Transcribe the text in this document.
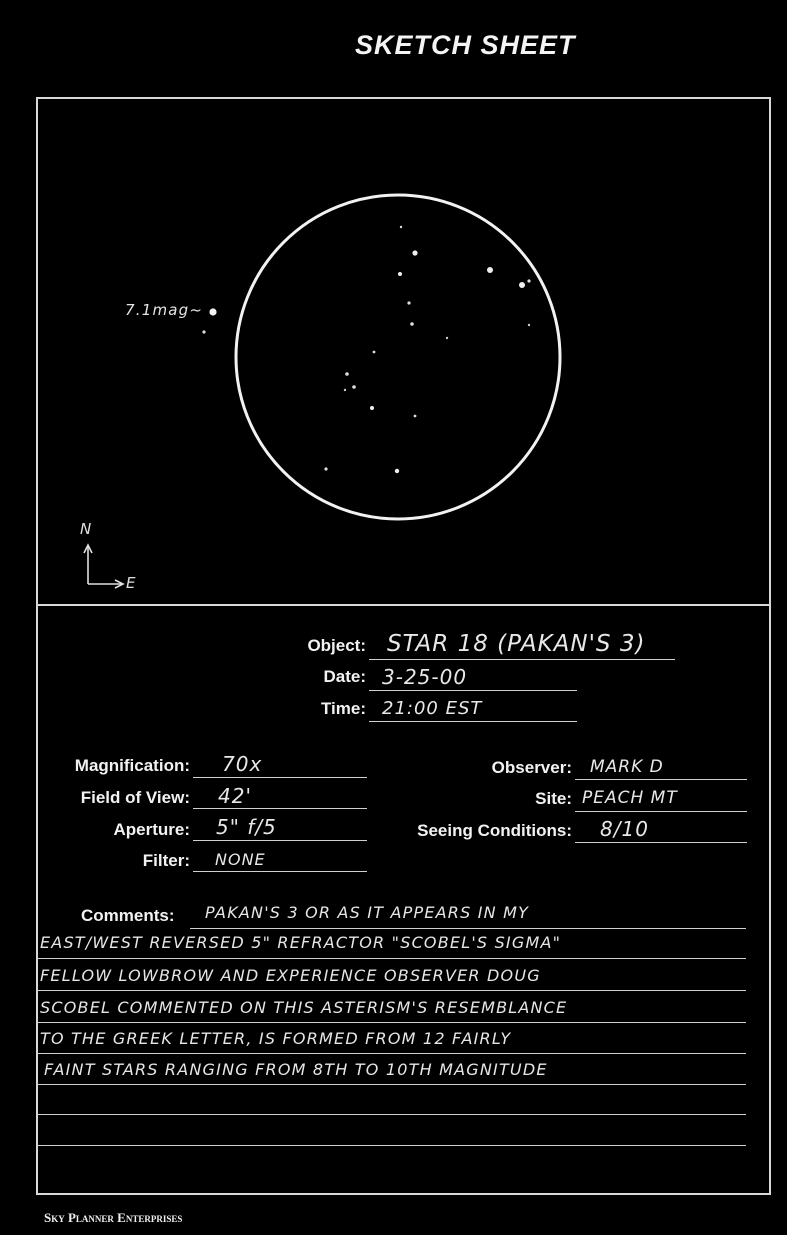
SKETCH SHEET
7.1mag~
N
E
Object: STAR 18 (PAKAN'S 3)
Date: 3-25-00
Time: 21:00 EST
Magnification: 70x
Field of View: 42'
Aperture: 5" f/5
Filter: NONE
Observer: MARK D
Site: PEACH MT
Seeing Conditions: 8/10
Comments: PAKAN'S 3 OR AS IT APPEARS IN MY
EAST/WEST REVERSED 5" REFRACTOR "SCOBEL'S SIGMA"
FELLOW LOWBROW AND EXPERIENCE OBSERVER DOUG
SCOBEL COMMENTED ON THIS ASTERISM'S RESEMBLANCE
TO THE GREEK LETTER, IS FORMED FROM 12 FAIRLY
FAINT STARS RANGING FROM 8TH TO 10TH MAGNITUDE
Sky Planner Enterprises
